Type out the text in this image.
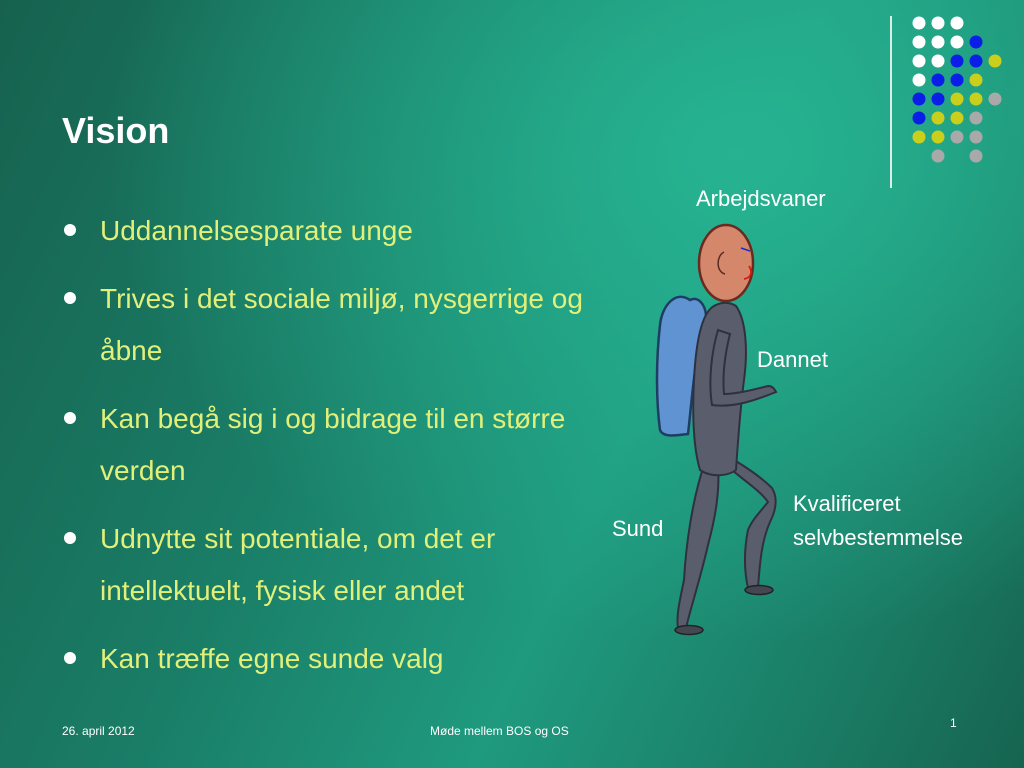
Vision
Uddannelsesparate unge
Trives i det sociale miljø, nysgerrige og åbne
Kan begå sig i og bidrage til en større verden
Udnytte sit potentiale, om det er intellektuelt, fysisk eller andet
Kan træffe egne sunde valg
Arbejdsvaner
Dannet
Sund
Kvalificeret
selvbestemmelse
26. april 2012	Møde mellem BOS og OS
1
